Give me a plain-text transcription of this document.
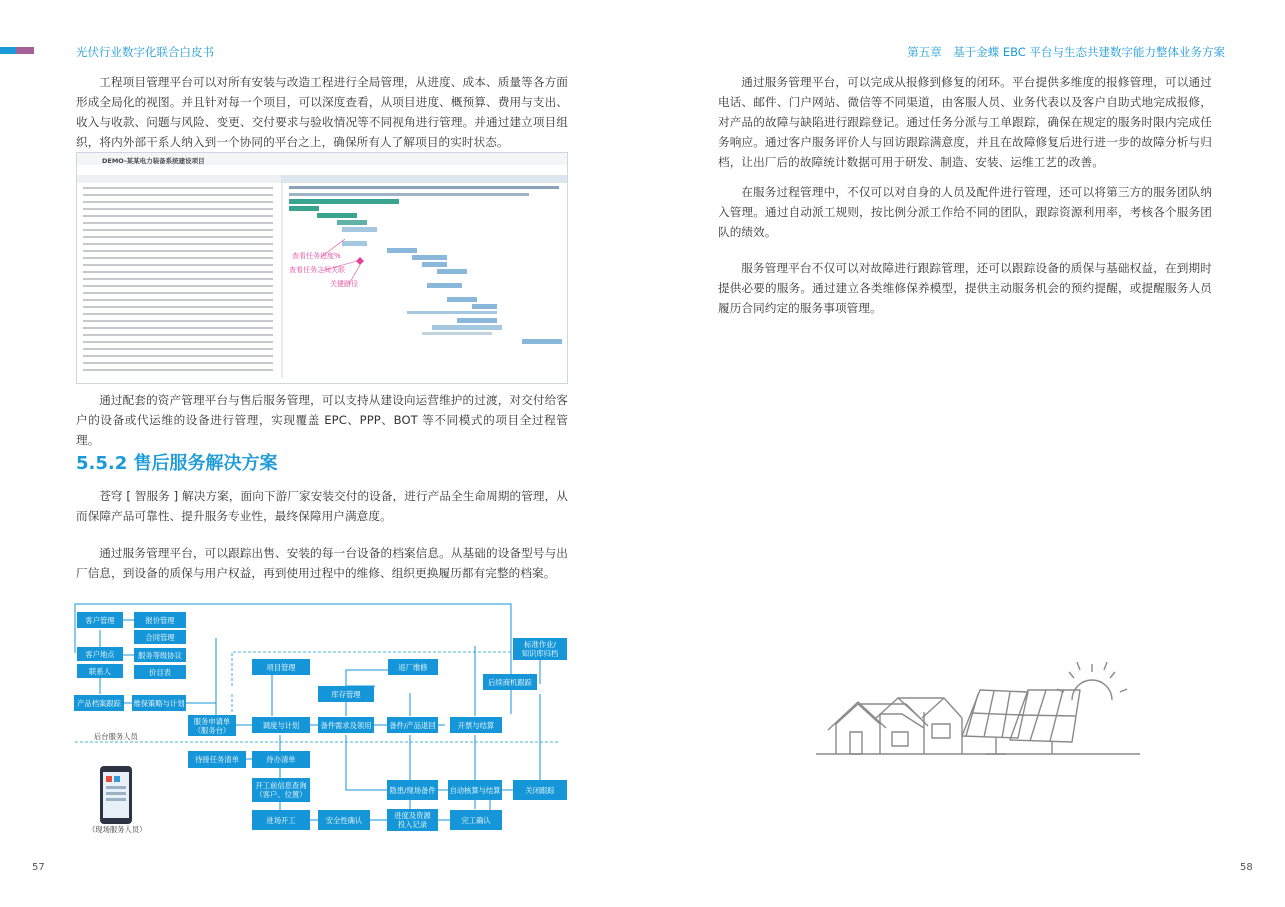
光伏行业数字化联合白皮书	第五章　基于金蝶 EBC 平台与生态共建数字能力整体业务方案
工程项目管理平台可以对所有安装与改造工程进行全局管理，从进度、成本、质量等各方面形成全局化的视图。并且针对每一个项目，可以深度查看，从项目进度、概预算、费用与支出、收入与收款、问题与风险、变更、交付要求与验收情况等不同视角进行管理。并通过建立项目组织，将内外部干系人纳入到一个协同的平台之上，确保所有人了解项目的实时状态。
DEMO-某某电力装备系统建设项目
查看任务进度%
查看任务之间关联
关键路径
通过配套的资产管理平台与售后服务管理，可以支持从建设向运营维护的过渡，对交付给客户的设备或代运维的设备进行管理，实现覆盖 EPC、PPP、BOT 等不同模式的项目全过程管理。
5.5.2 售后服务解决方案
苍穹 [ 智服务 ] 解决方案，面向下游厂家安装交付的设备，进行产品全生命周期的管理，从而保障产品可靠性、提升服务专业性，最终保障用户满意度。
通过服务管理平台，可以跟踪出售、安装的每一台设备的档案信息。从基础的设备型号与出厂信息，到设备的质保与用户权益，再到使用过程中的维修、组织更换履历都有完整的档案。
客户管理	报价管理
合同管理
服务等级协议
价目表
客户地点
联系人
产品档案跟踪	维保策略与计划
服务申请单
（服务台）
调度与计划
项目管理	返厂维修
库存管理
备件需求及领用	备件/产品退回	开票与结算
标准作业/
知识库归档
后续商机跟踪
待接任务清单	待办清单
开工前信息查询
（客户、位置）
进场开工	安全性确认	进度及资源
投入记录
隐患/现场备件	自动核算与结算	关闭跟踪
完工确认
后台服务人员
（现场服务人员）
57
通过服务管理平台，可以完成从报修到修复的闭环。平台提供多维度的报修管理，可以通过电话、邮件、门户网站、微信等不同渠道，由客服人员、业务代表以及客户自助式地完成报修，对产品的故障与缺陷进行跟踪登记。通过任务分派与工单跟踪，确保在规定的服务时限内完成任务响应。通过客户服务评价人与回访跟踪满意度，并且在故障修复后进行进一步的故障分析与归档，让出厂后的故障统计数据可用于研发、制造、安装、运维工艺的改善。
在服务过程管理中，不仅可以对自身的人员及配件进行管理，还可以将第三方的服务团队纳入管理。通过自动派工规则，按比例分派工作给不同的团队，跟踪资源利用率，考核各个服务团队的绩效。
服务管理平台不仅可以对故障进行跟踪管理，还可以跟踪设备的质保与基础权益，在到期时提供必要的服务。通过建立各类维修保养模型，提供主动服务机会的预约提醒，或提醒服务人员履历合同约定的服务事项管理。
58
